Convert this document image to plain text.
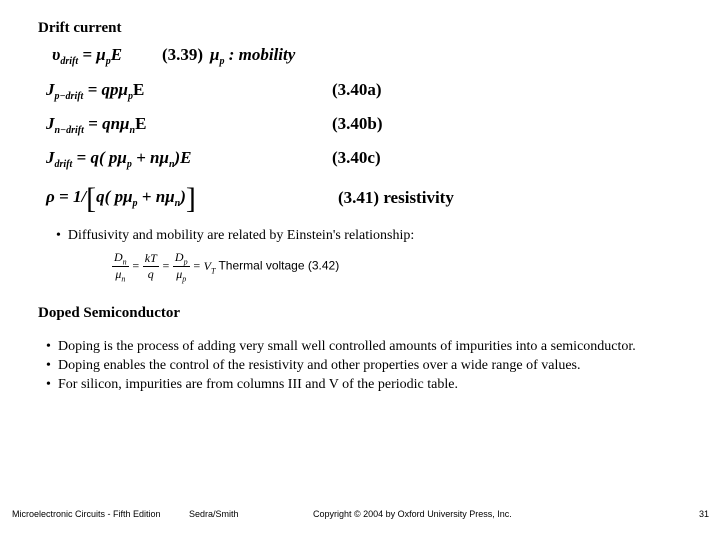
Drift current
$\upsilon_{drift} = \mu_pE$ (3.39) $\mu_p$ : mobility
$J_{p-drift} = qp\mu_pE$	(3.40a)
$J_{n-drift} = qn\mu_nE$	(3.40b)
$J_{drift} = q$( $p\mu_p + n\mu_n)E$	(3.40c)
ρ = 1/[q( $p\mu_p + n\mu_n$)]	(3.41) resistivity
•  Diffusivity and mobility are related by Einstein's relationship:
$\frac{D_n}{\mu_n} = \frac{kT}{q} = \frac{D_p}{\mu_p} = V_T$ Thermal voltage (3.42)
Doped Semiconductor
• Doping is the process of adding very small well controlled amounts of impurities into a semiconductor.
• Doping enables the control of the resistivity and other properties over a wide range of values.
• For silicon, impurities are from columns III and V of the periodic table.
Microelectronic Circuits - Fifth Edition	Sedra/Smith	Copyright © 2004 by Oxford University Press, Inc.	31
